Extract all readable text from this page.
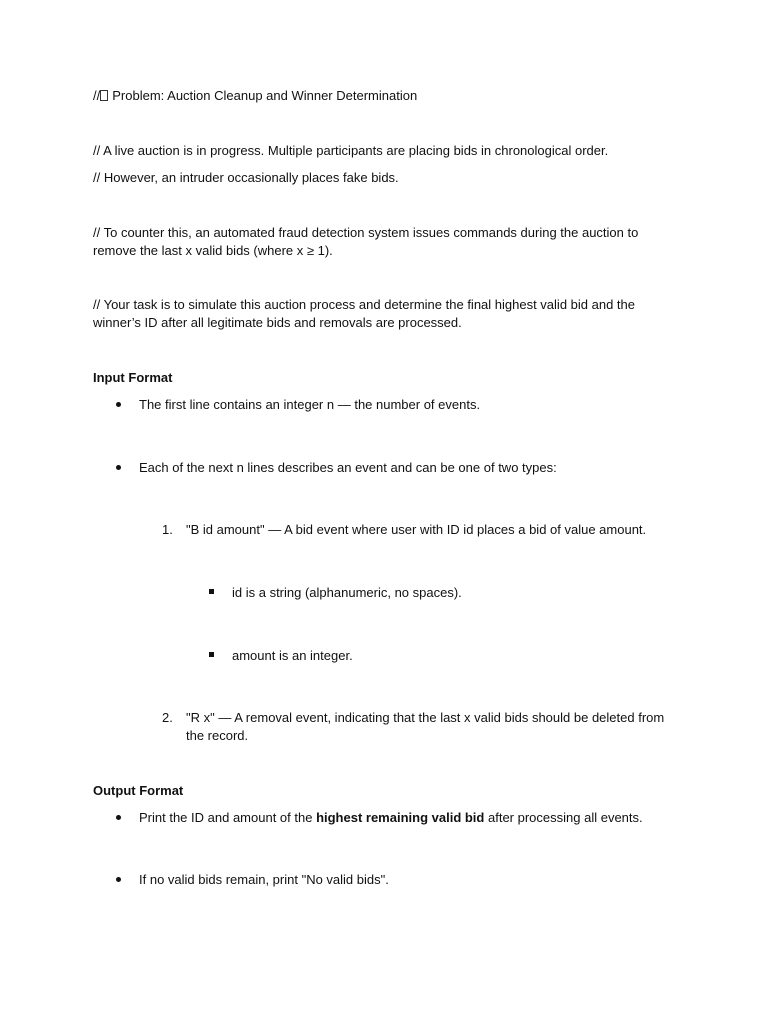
// Problem: Auction Cleanup and Winner Determination
// A live auction is in progress. Multiple participants are placing bids in chronological order.
// However, an intruder occasionally places fake bids.
// To counter this, an automated fraud detection system issues commands during the auction to remove the last x valid bids (where x ≥ 1).
// Your task is to simulate this auction process and determine the final highest valid bid and the winner’s ID after all legitimate bids and removals are processed.
Input Format
The first line contains an integer n — the number of events.
Each of the next n lines describes an event and can be one of two types:
1. "B id amount" — A bid event where user with ID id places a bid of value amount.
id is a string (alphanumeric, no spaces).
amount is an integer.
2. "R x" — A removal event, indicating that the last x valid bids should be deleted from the record.
Output Format
Print the ID and amount of the highest remaining valid bid after processing all events.
If no valid bids remain, print "No valid bids".
